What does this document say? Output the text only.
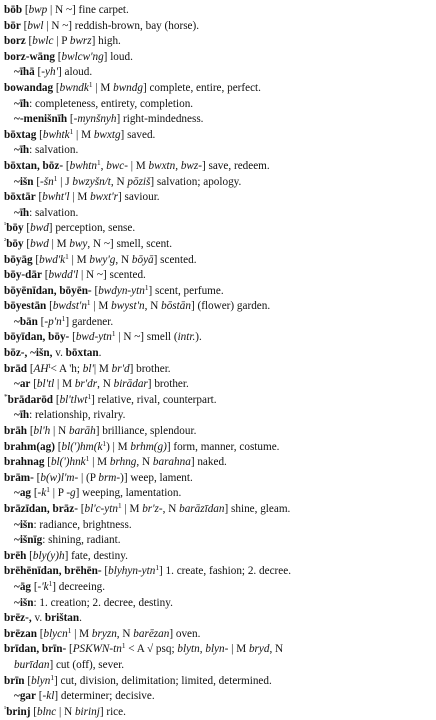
bōb [bwp | N ~] fine carpet.
bōr [bwl | N ~] reddish-brown, bay (horse).
borz [bwlc | P bwrz] high.
borz-wāng [bwlcw'ng] loud.
~īhā [-yh'] aloud.
bowandag [bwndk$^1$ | M bwndg] complete, entire, perfect.
~īh: completeness, entirety, completion.
~-menišnīh [-mynšnyh] right-mindedness.
bōxtag [bwhtk$^1$ | M bwxtg] saved.
~īh: salvation.
bōxtan, bōz- [bwhtn$^1$, bwc- | M bwxtn, bwz-] save, redeem.
~išn [$-šn^1$ | J bwzyšn/t, N pōziš] salvation; apology.
bōxtār [bwht'l | M bwxt'r] saviour.
~īh: salvation.
$^{^1}$bōy [bwd] perception, sense.
$^{^2}$bōy [bwd | M bwy, N ~] smell, scent.
bōyāg [$bwd'k^1$ | M bwy'g, N bōyā] scented.
bōy-dār [bwdd'l | N ~] scented.
bōyēnīdan, bōyēn- [bwdyn-ytn$^1$] scent, perfume.
bōyestān [$bwdst'n^1$ | M bwyst'n, N bōstān] (flower) garden.
~bān $[-p'n^1]$ gardener.
bōyīdan, bōy- [bwd-ytn$^1$ | N ~] smell (intr.).
bōz-, ~išn, v. bōxtan.
brād [$AH^t< A$ 'h; bl'| M br'd] brother.
~ar [bl'tl | M br'dr, N birādar] brother.
*brādarōd [bl'tlwt$^1$] relative, rival, counterpart.
~īh: relationship, rivalry.
brāh [bl'h | N barāh] brilliance, splendour.
brahm(ag) [$bl(')hm(k^1)$ | M brhm(g)] form, manner, costume.
brahnag [bl(')hnk$^1$ | M brhng, N barahna] naked.
brām- [b(w)l'm- | (P brm-)] weep, lament.
~ag [$-k^1$ | P -g] weeping, lamentation.
brāzīdan, brāz- [bl'c-ytn$^1$ | M br'z-, N barāzīdan] shine, gleam.
~išn: radiance, brightness.
~išnīg: shining, radiant.
brēh [bly(y)h] fate, destiny.
brēhēnīdan, brēhēn- [blyhyn-ytn$^1$] 1. create, fashion; 2. decree.
~āg $[-'k^1]$ decreeing.
~išn: 1. creation; 2. decree, destiny.
brēz-, v. brištan.
brēzan [blycn$^1$ | M bryzn, N barēzan] oven.
brīdan, brīn- [$PSKWN-tn^1 < A$ √ psq; blytn, blyn- | M bryd, N
burīdan] cut (off), sever.
brīn [blyn$^1$] cut, division, delimitation; limited, determined.
~gar [-kl] determiner; decisive.
$^{^1}$brinj [blnc | N birinj] rice.
